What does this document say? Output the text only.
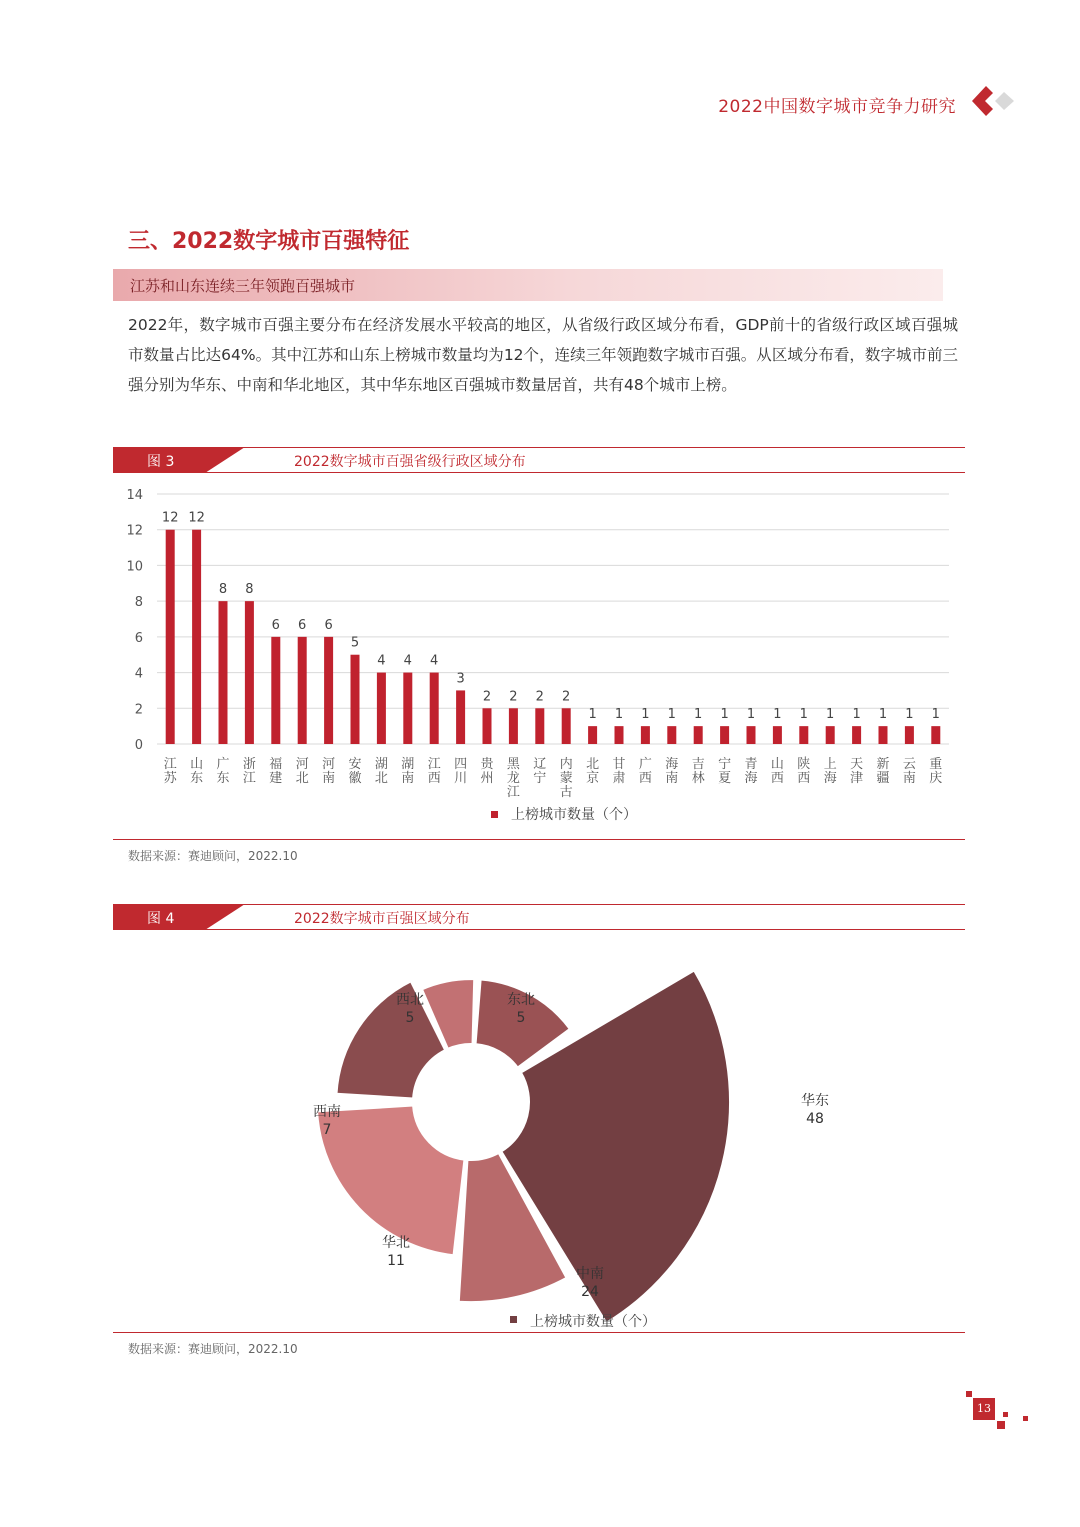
2022中国数字城市竞争力研究
三、2022数字城市百强特征
江苏和山东连续三年领跑百强城市
2022年，数字城市百强主要分布在经济发展水平较高的地区，从省级行政区域分布看，GDP前十的省级行政区域百强城市数量占比达64%。其中江苏和山东上榜城市数量均为12个，连续三年领跑数字城市百强。从区域分布看，数字城市前三强分别为华东、中南和华北地区，其中华东地区百强城市数量居首，共有48个城市上榜。
图 3	2022数字城市百强省级行政区域分布
0
2
4
6
8
10
12
14
12
江
苏
12
山
东
8
广
东
8
浙
江
6
福
建
6
河
北
6
河
南
5
安
徽
4
湖
北
4
湖
南
4
江
西
3
四
川
2
贵
州
2
黑
龙
江
2
辽
宁
2
内
蒙
古
1
北
京
1
甘
肃
1
广
西
1
海
南
1
吉
林
1
宁
夏
1
青
海
1
山
西
1
陕
西
1
上
海
1
天
津
1
新
疆
1
云
南
1
重
庆
上榜城市数量（个）
数据来源：赛迪顾问，2022.10
图 4	2022数字城市百强区域分布
华东
48
中南
24
华北
11
西南
7
西北
5
东北
5
上榜城市数量（个）
数据来源：赛迪顾问，2022.10
13
